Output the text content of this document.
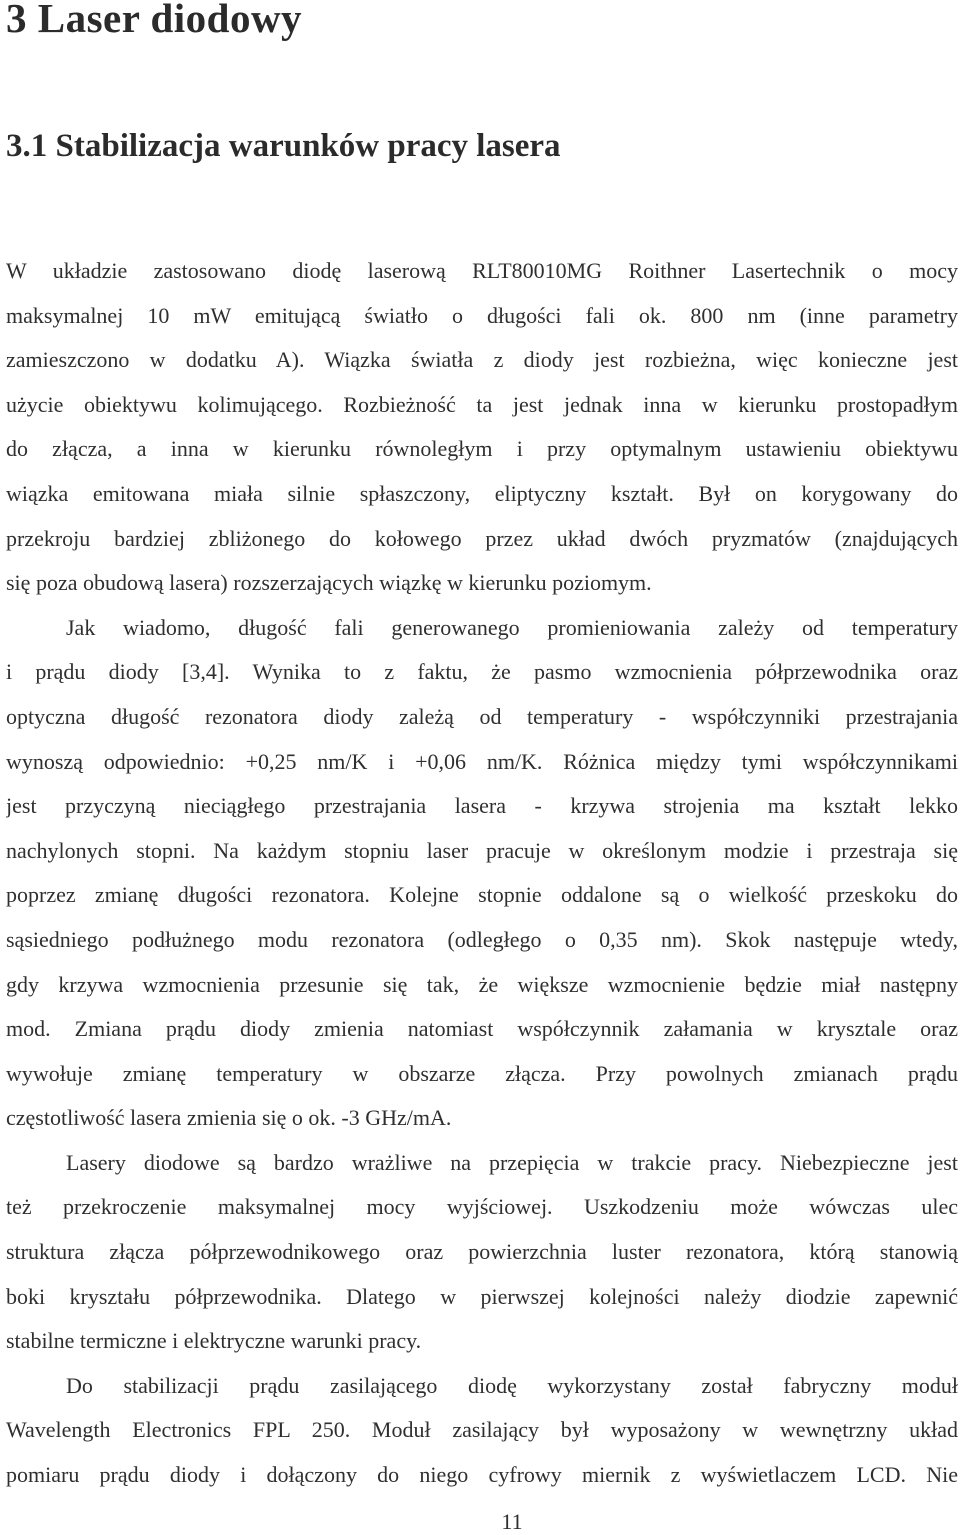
3 Laser diodowy
3.1 Stabilizacja warunków pracy lasera
W układzie zastosowano diodę laserową RLT80010MG Roithner Lasertechnik o mocy
maksymalnej 10 mW emitującą światło o długości fali ok. 800 nm (inne parametry
zamieszczono w dodatku A). Wiązka światła z diody jest rozbieżna, więc konieczne jest
użycie obiektywu kolimującego. Rozbieżność ta jest jednak inna w kierunku prostopadłym
do złącza, a inna w kierunku równoległym i przy optymalnym ustawieniu obiektywu
wiązka emitowana miała silnie spłaszczony, eliptyczny kształt. Był on korygowany do
przekroju bardziej zbliżonego do kołowego przez układ dwóch pryzmatów (znajdujących
się poza obudową lasera) rozszerzających wiązkę w kierunku poziomym.
Jak wiadomo, długość fali generowanego promieniowania zależy od temperatury
i prądu diody [3,4]. Wynika to z faktu, że pasmo wzmocnienia półprzewodnika oraz
optyczna długość rezonatora diody zależą od temperatury - współczynniki przestrajania
wynoszą odpowiednio: +0,25 nm/K i +0,06 nm/K. Różnica między tymi współczynnikami
jest przyczyną nieciągłego przestrajania lasera - krzywa strojenia ma kształt lekko
nachylonych stopni. Na każdym stopniu laser pracuje w określonym modzie i przestraja się
poprzez zmianę długości rezonatora. Kolejne stopnie oddalone są o wielkość przeskoku do
sąsiedniego podłużnego modu rezonatora (odległego o 0,35 nm). Skok następuje wtedy,
gdy krzywa wzmocnienia przesunie się tak, że większe wzmocnienie będzie miał następny
mod. Zmiana prądu diody zmienia natomiast współczynnik załamania w krysztale oraz
wywołuje zmianę temperatury w obszarze złącza. Przy powolnych zmianach prądu
częstotliwość lasera zmienia się o ok. -3 GHz/mA.
Lasery diodowe są bardzo wrażliwe na przepięcia w trakcie pracy. Niebezpieczne jest
też przekroczenie maksymalnej mocy wyjściowej. Uszkodzeniu może wówczas ulec
struktura złącza półprzewodnikowego oraz powierzchnia luster rezonatora, którą stanowią
boki kryształu półprzewodnika. Dlatego w pierwszej kolejności należy diodzie zapewnić
stabilne termiczne i elektryczne warunki pracy.
Do stabilizacji prądu zasilającego diodę wykorzystany został fabryczny moduł
Wavelength Electronics FPL 250. Moduł zasilający był wyposażony w wewnętrzny układ
pomiaru prądu diody i dołączony do niego cyfrowy miernik z wyświetlaczem LCD. Nie
11
